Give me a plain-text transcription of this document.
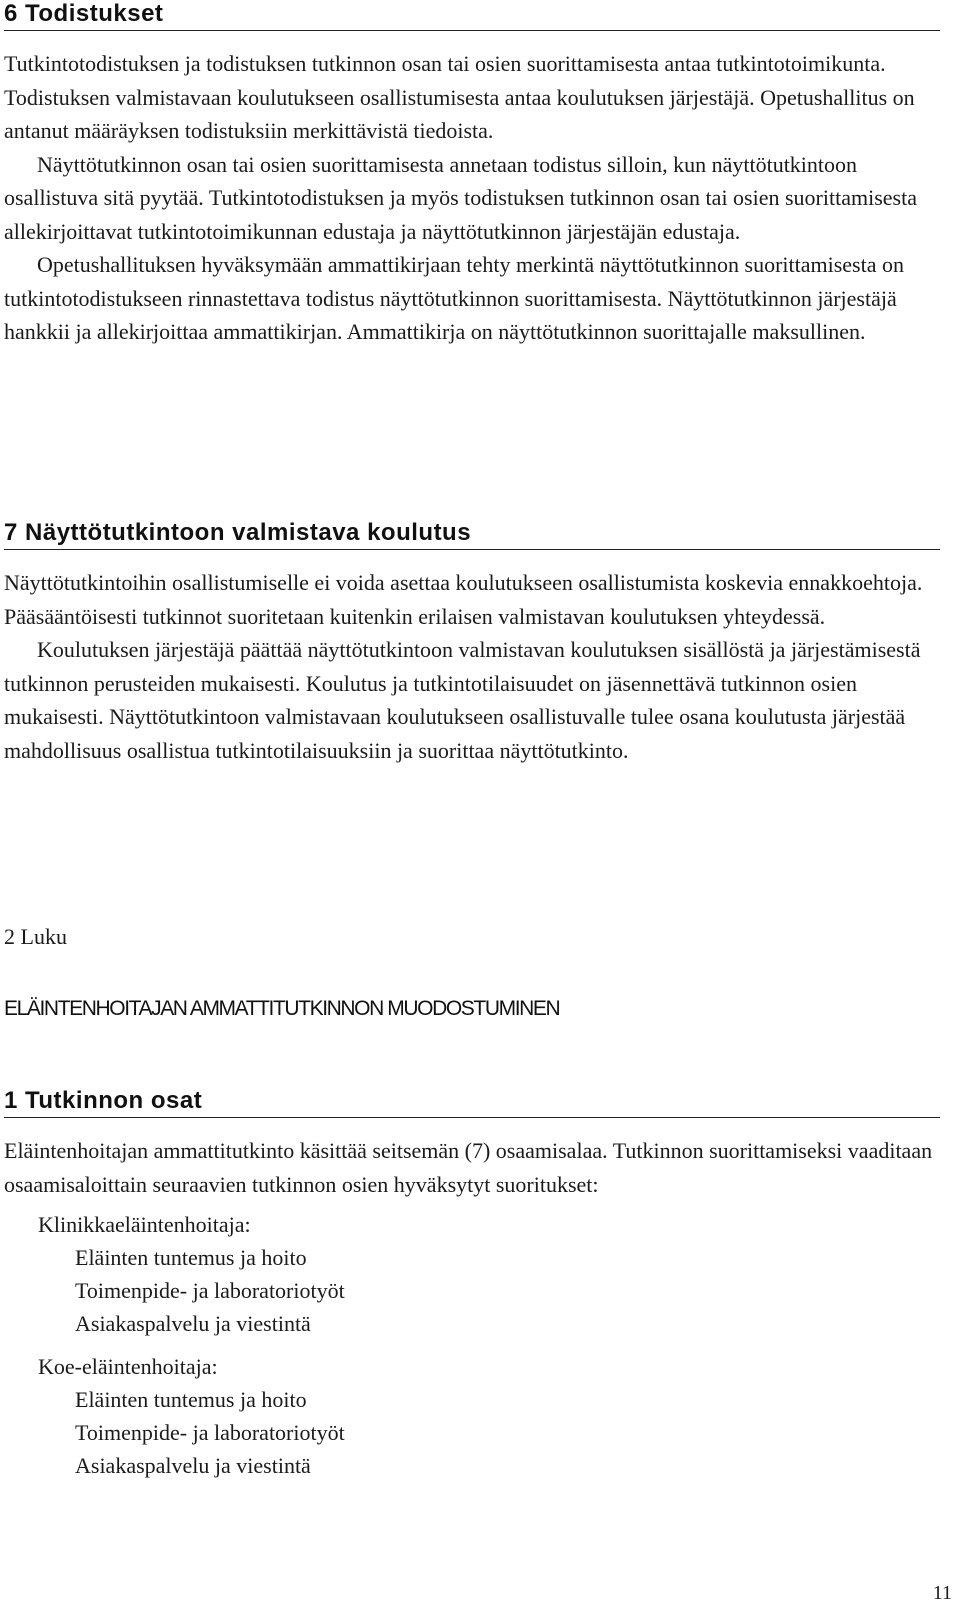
6 Todistukset

Tutkintotodistuksen ja todistuksen tutkinnon osan tai osien suorittamisesta antaa tutkintotoimikunta. Todistuksen valmistavaan koulutukseen osallistumisesta antaa koulutuksen järjestäjä. Opetushallitus on antanut määräyksen todistuksiin merkittävistä tiedoista.

Näyttötutkinnon osan tai osien suorittamisesta annetaan todistus silloin, kun näyttötutkintoon osallistuva sitä pyytää. Tutkintotodistuksen ja myös todistuksen tutkinnon osan tai osien suorittamisesta allekirjoittavat tutkintotoimikunnan edustaja ja näyttötutkinnon järjestäjän edustaja.

Opetushallituksen hyväksymään ammattikirjaan tehty merkintä näyttötutkinnon suorittamisesta on tutkintotodistukseen rinnastettava todistus näyttötutkinnon suorittamisesta. Näyttötutkinnon järjestäjä hankkii ja allekirjoittaa ammattikirjan. Ammattikirja on näyttötutkinnon suorittajalle maksullinen.

7 Näyttötutkintoon valmistava koulutus

Näyttötutkintoihin osallistumiselle ei voida asettaa koulutukseen osallistumista koskevia ennakkoehtoja. Pääsääntöisesti tutkinnot suoritetaan kuitenkin erilaisen valmistavan koulutuksen yhteydessä.

Koulutuksen järjestäjä päättää näyttötutkintoon valmistavan koulutuksen sisällöstä ja järjestämisestä tutkinnon perusteiden mukaisesti. Koulutus ja tutkintotilaisuudet on jäsennettävä tutkinnon osien mukaisesti. Näyttötutkintoon valmistavaan koulutukseen osallistuvalle tulee osana koulutusta järjestää mahdollisuus osallistua tutkintotilaisuuksiin ja suorittaa näyttötutkinto.

2 Luku
ELÄINTENHOITAJAN AMMATTITUTKINNON MUODOSTUMINEN
1 Tutkinnon osat

Eläintenhoitajan ammattitutkinto käsittää seitsemän (7) osaamisalaa. Tutkinnon suorittamiseksi vaaditaan osaamisaloittain seuraavien tutkinnon osien hyväksytyt suoritukset:

Klinikkaeläintenhoitaja:
Eläinten tuntemus ja hoito
Toimenpide- ja laboratoriotyöt
Asiakaspalvelu ja viestintä
Koe-eläintenhoitaja:
Eläinten tuntemus ja hoito
Toimenpide- ja laboratoriotyöt
Asiakaspalvelu ja viestintä
11
